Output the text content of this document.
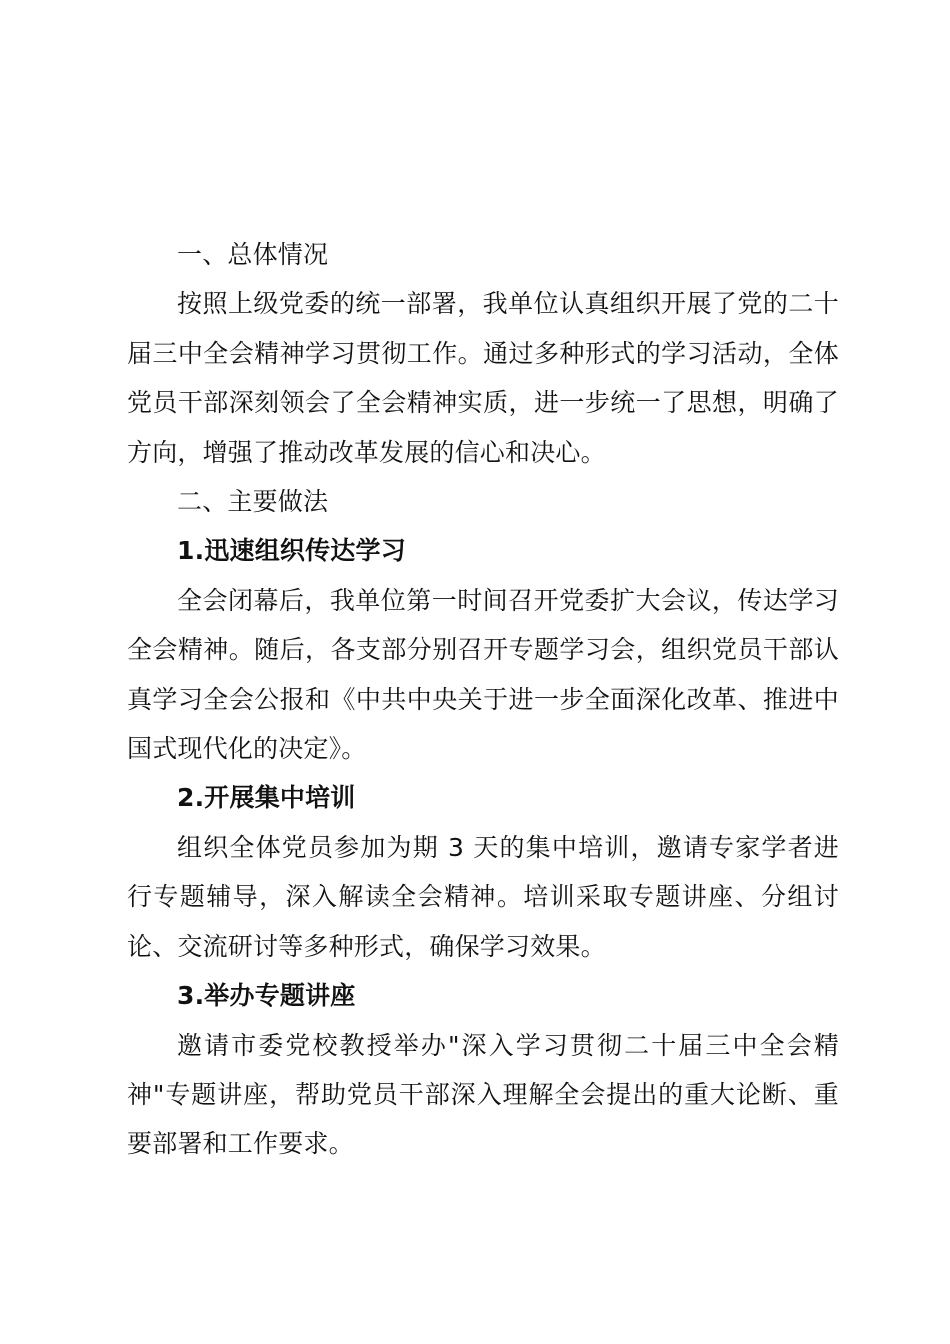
一、总体情况

按照上级党委的统一部署，我单位认真组织开展了党的二十届三中全会精神学习贯彻工作。通过多种形式的学习活动，全体党员干部深刻领会了全会精神实质，进一步统一了思想，明确了方向，增强了推动改革发展的信心和决心。

二、主要做法

1.迅速组织传达学习

全会闭幕后，我单位第一时间召开党委扩大会议，传达学习全会精神。随后，各支部分别召开专题学习会，组织党员干部认真学习全会公报和《中共中央关于进一步全面深化改革、推进中国式现代化的决定》。

2.开展集中培训

组织全体党员参加为期 3 天的集中培训，邀请专家学者进行专题辅导，深入解读全会精神。培训采取专题讲座、分组讨论、交流研讨等多种形式，确保学习效果。

3.举办专题讲座

邀请市委党校教授举办"深入学习贯彻二十届三中全会精神"专题讲座，帮助党员干部深入理解全会提出的重大论断、重要部署和工作要求。
